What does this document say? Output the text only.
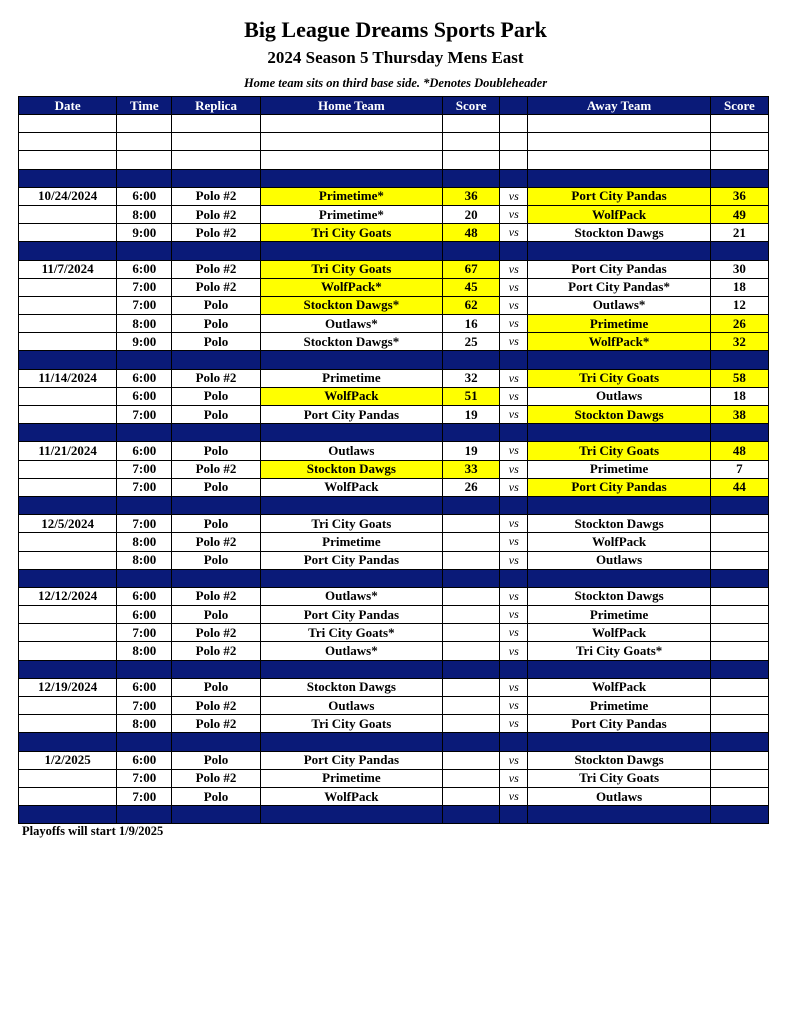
Big League Dreams Sports Park
2024 Season 5 Thursday Mens East
Home team sits on third base side. *Denotes Doubleheader
Date	Time	Replica	Home Team	Score		Away Team	Score

10/24/2024	6:00	Polo #2	Primetime*	36	vs	Port City Pandas	36
	8:00	Polo #2	Primetime*	20	vs	WolfPack	49
	9:00	Polo #2	Tri City Goats	48	vs	Stockton Dawgs	21

11/7/2024	6:00	Polo #2	Tri City Goats	67	vs	Port City Pandas	30
	7:00	Polo #2	WolfPack*	45	vs	Port City Pandas*	18
	7:00	Polo	Stockton Dawgs*	62	vs	Outlaws*	12
	8:00	Polo	Outlaws*	16	vs	Primetime	26
	9:00	Polo	Stockton Dawgs*	25	vs	WolfPack*	32

11/14/2024	6:00	Polo #2	Primetime	32	vs	Tri City Goats	58
	6:00	Polo	WolfPack	51	vs	Outlaws	18
	7:00	Polo	Port City Pandas	19	vs	Stockton Dawgs	38

11/21/2024	6:00	Polo	Outlaws	19	vs	Tri City Goats	48
	7:00	Polo #2	Stockton Dawgs	33	vs	Primetime	7
	7:00	Polo	WolfPack	26	vs	Port City Pandas	44

12/5/2024	7:00	Polo	Tri City Goats		vs	Stockton Dawgs	
	8:00	Polo #2	Primetime		vs	WolfPack	
	8:00	Polo	Port City Pandas		vs	Outlaws	

12/12/2024	6:00	Polo #2	Outlaws*		vs	Stockton Dawgs	
	6:00	Polo	Port City Pandas		vs	Primetime	
	7:00	Polo #2	Tri City Goats*		vs	WolfPack	
	8:00	Polo #2	Outlaws*		vs	Tri City Goats*	

12/19/2024	6:00	Polo	Stockton Dawgs		vs	WolfPack	
	7:00	Polo #2	Outlaws		vs	Primetime	
	8:00	Polo #2	Tri City Goats		vs	Port City Pandas	

1/2/2025	6:00	Polo	Port City Pandas		vs	Stockton Dawgs	
	7:00	Polo #2	Primetime		vs	Tri City Goats	
	7:00	Polo	WolfPack		vs	Outlaws	

Playoffs will start 1/9/2025
